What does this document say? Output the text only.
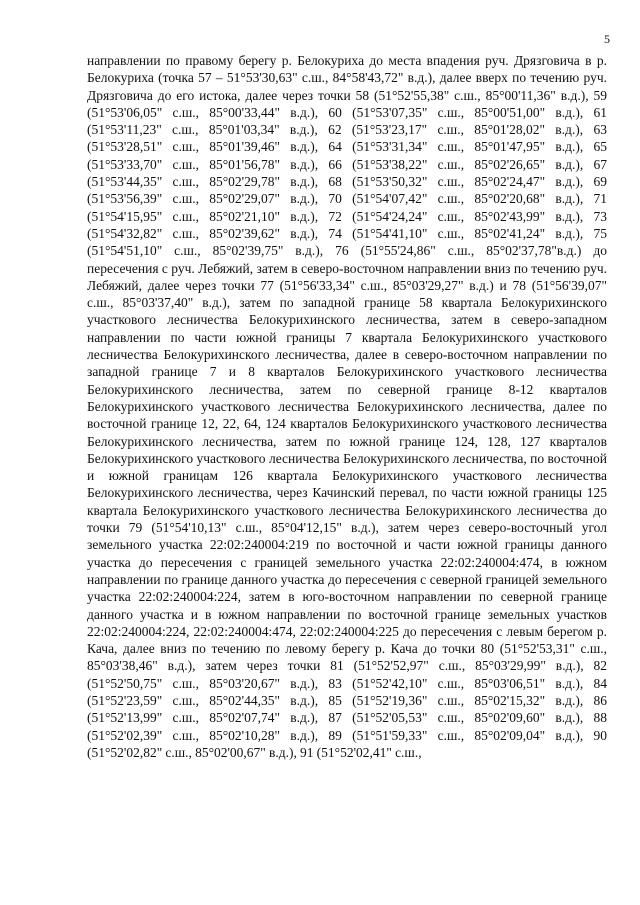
5

направлении по правому берегу р. Белокуриха до места впадения руч. Дрязговича в р. Белокуриха (точка 57 – 51°53'30,63" с.ш., 84°58'43,72" в.д.), далее вверх по течению руч. Дрязговича до его истока, далее через точки 58 (51°52'55,38" с.ш., 85°00'11,36" в.д.), 59 (51°53'06,05" с.ш., 85°00'33,44" в.д.), 60 (51°53'07,35" с.ш., 85°00'51,00" в.д.), 61 (51°53'11,23" с.ш., 85°01'03,34" в.д.), 62 (51°53'23,17" с.ш., 85°01'28,02" в.д.), 63 (51°53'28,51" с.ш., 85°01'39,46" в.д.), 64 (51°53'31,34" с.ш., 85°01'47,95" в.д.), 65 (51°53'33,70" с.ш., 85°01'56,78" в.д.), 66 (51°53'38,22" с.ш., 85°02'26,65" в.д.), 67 (51°53'44,35" с.ш., 85°02'29,78" в.д.), 68 (51°53'50,32" с.ш., 85°02'24,47" в.д.), 69 (51°53'56,39" с.ш., 85°02'29,07" в.д.), 70 (51°54'07,42" с.ш., 85°02'20,68" в.д.), 71 (51°54'15,95" с.ш., 85°02'21,10" в.д.), 72 (51°54'24,24" с.ш., 85°02'43,99" в.д.), 73 (51°54'32,82" с.ш., 85°02'39,62" в.д.), 74 (51°54'41,10" с.ш., 85°02'41,24" в.д.), 75 (51°54'51,10" с.ш., 85°02'39,75" в.д.), 76 (51°55'24,86" с.ш., 85°02'37,78"в.д.) до пересечения с руч. Лебяжий, затем в северо-восточном направлении вниз по течению руч. Лебяжий, далее через точки 77 (51°56'33,34" с.ш., 85°03'29,27" в.д.) и 78 (51°56'39,07" с.ш., 85°03'37,40" в.д.), затем по западной границе 58 квартала Белокурихинского участкового лесничества Белокурихинского лесничества, затем в северо-западном направлении по части южной границы 7 квартала Белокурихинского участкового лесничества Белокурихинского лесничества, далее в северо-восточном направлении по западной границе 7 и 8 кварталов Белокурихинского участкового лесничества Белокурихинского лесничества, затем по северной границе 8-12 кварталов Белокурихинского участкового лесничества Белокурихинского лесничества, далее по восточной границе 12, 22, 64, 124 кварталов Белокурихинского участкового лесничества Белокурихинского лесничества, затем по южной границе 124, 128, 127 кварталов Белокурихинского участкового лесничества Белокурихинского лесничества, по восточной и южной границам 126 квартала Белокурихинского участкового лесничества Белокурихинского лесничества, через Качинский перевал, по части южной границы 125 квартала Белокурихинского участкового лесничества Белокурихинского лесничества до точки 79 (51°54'10,13" с.ш., 85°04'12,15" в.д.), затем через северо-восточный угол земельного участка 22:02:240004:219 по восточной и части южной границы данного участка до пересечения с границей земельного участка 22:02:240004:474, в южном направлении по границе данного участка до пересечения с северной границей земельного участка 22:02:240004:224, затем в юго-восточном направлении по северной границе данного участка и в южном направлении по восточной границе земельных участков 22:02:240004:224, 22:02:240004:474, 22:02:240004:225 до пересечения с левым берегом р. Кача, далее вниз по течению по левому берегу р. Кача до точки 80 (51°52'53,31" с.ш., 85°03'38,46" в.д.), затем через точки 81 (51°52'52,97" с.ш., 85°03'29,99" в.д.), 82 (51°52'50,75" с.ш., 85°03'20,67" в.д.), 83 (51°52'42,10" с.ш., 85°03'06,51" в.д.), 84 (51°52'23,59" с.ш., 85°02'44,35" в.д.), 85 (51°52'19,36" с.ш., 85°02'15,32" в.д.), 86 (51°52'13,99" с.ш., 85°02'07,74" в.д.), 87 (51°52'05,53" с.ш., 85°02'09,60" в.д.), 88 (51°52'02,39" с.ш., 85°02'10,28" в.д.), 89 (51°51'59,33" с.ш., 85°02'09,04" в.д.), 90 (51°52'02,82" с.ш., 85°02'00,67" в.д.), 91 (51°52'02,41" с.ш.,
